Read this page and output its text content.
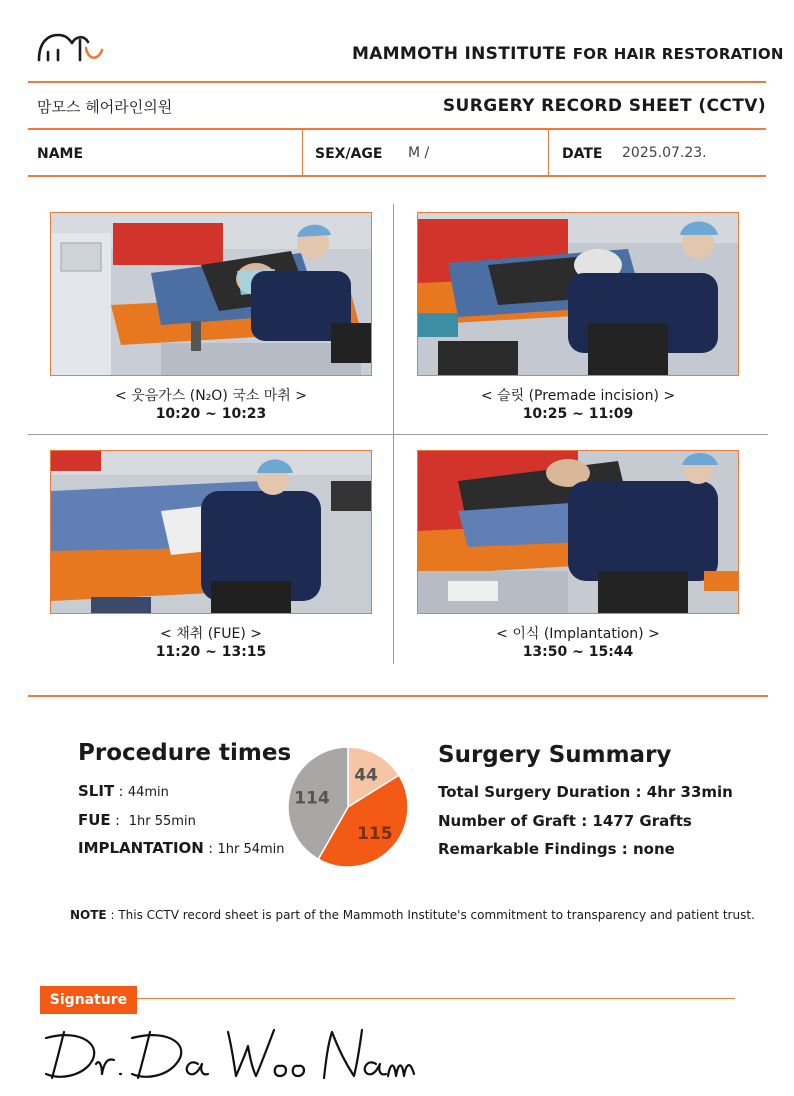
MAMMOTH INSTITUTE FOR HAIR RESTORATION
맘모스 헤어라인의원	SURGERY RECORD SHEET (CCTV)
NAME	SEX/AGE M /	DATE 2025.07.23.
< 웃음가스 (N₂O) 국소 마취 >
10:20 ~ 10:23
< 슬릿 (Premade incision) >
10:25 ~ 11:09
< 채취 (FUE) >
11:20 ~ 13:15
< 이식 (Implantation) >
13:50 ~ 15:44
Procedure times
SLIT : 44min
FUE :  1hr 55min
IMPLANTATION : 1hr 54min
44
115
114
Surgery Summary
Total Surgery Duration : 4hr 33min
Number of Graft : 1477 Grafts
Remarkable Findings : none
NOTE : This CCTV record sheet is part of the Mammoth Institute's commitment to transparency and patient trust.
Signature
